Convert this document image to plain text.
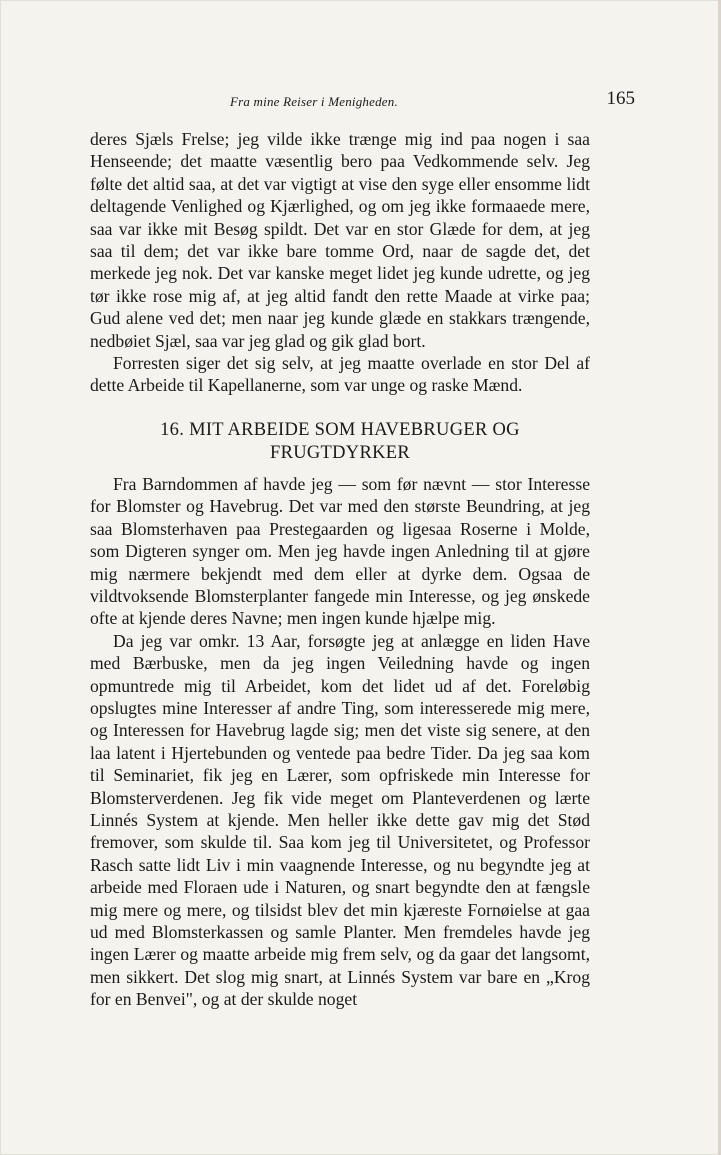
Fra mine Reiser i Menigheden.	165

deres Sjæls Frelse; jeg vilde ikke trænge mig ind paa nogen i saa Henseende; det maatte væsentlig bero paa Vedkommende selv. Jeg følte det altid saa, at det var vigtigt at vise den syge eller ensomme lidt deltagende Venlighed og Kjærlighed, og om jeg ikke formaaede mere, saa var ikke mit Besøg spildt. Det var en stor Glæde for dem, at jeg saa til dem; det var ikke bare tomme Ord, naar de sagde det, det merkede jeg nok. Det var kanske meget lidet jeg kunde udrette, og jeg tør ikke rose mig af, at jeg altid fandt den rette Maade at virke paa; Gud alene ved det; men naar jeg kunde glæde en stakkars trængende, nedbøiet Sjæl, saa var jeg glad og gik glad bort.

Forresten siger det sig selv, at jeg maatte overlade en stor Del af dette Arbeide til Kapellanerne, som var unge og raske Mænd.

16. MIT ARBEIDE SOM HAVEBRUGER OG
FRUGTDYRKER

Fra Barndommen af havde jeg — som før nævnt — stor Interesse for Blomster og Havebrug. Det var med den største Beundring, at jeg saa Blomsterhaven paa Prestegaarden og ligesaa Roserne i Molde, som Digteren synger om. Men jeg havde ingen Anledning til at gjøre mig nærmere bekjendt med dem eller at dyrke dem. Ogsaa de vildtvoksende Blomsterplanter fangede min Interesse, og jeg ønskede ofte at kjende deres Navne; men ingen kunde hjælpe mig.

Da jeg var omkr. 13 Aar, forsøgte jeg at anlægge en liden Have med Bærbuske, men da jeg ingen Veiledning havde og ingen opmuntrede mig til Arbeidet, kom det lidet ud af det. Foreløbig opslugtes mine Interesser af andre Ting, som interesserede mig mere, og Interessen for Havebrug lagde sig; men det viste sig senere, at den laa latent i Hjertebunden og ventede paa bedre Tider. Da jeg saa kom til Seminariet, fik jeg en Lærer, som opfriskede min Interesse for Blomsterverdenen. Jeg fik vide meget om Planteverdenen og lærte Linnés System at kjende. Men heller ikke dette gav mig det Stød fremover, som skulde til. Saa kom jeg til Universitetet, og Professor Rasch satte lidt Liv i min vaagnende Interesse, og nu begyndte jeg at arbeide med Floraen ude i Naturen, og snart begyndte den at fængsle mig mere og mere, og tilsidst blev det min kjæreste Fornøielse at gaa ud med Blomsterkassen og samle Planter. Men fremdeles havde jeg ingen Lærer og maatte arbeide mig frem selv, og da gaar det langsomt, men sikkert. Det slog mig snart, at Linnés System var bare en „Krog for en Benvei", og at der skulde noget
